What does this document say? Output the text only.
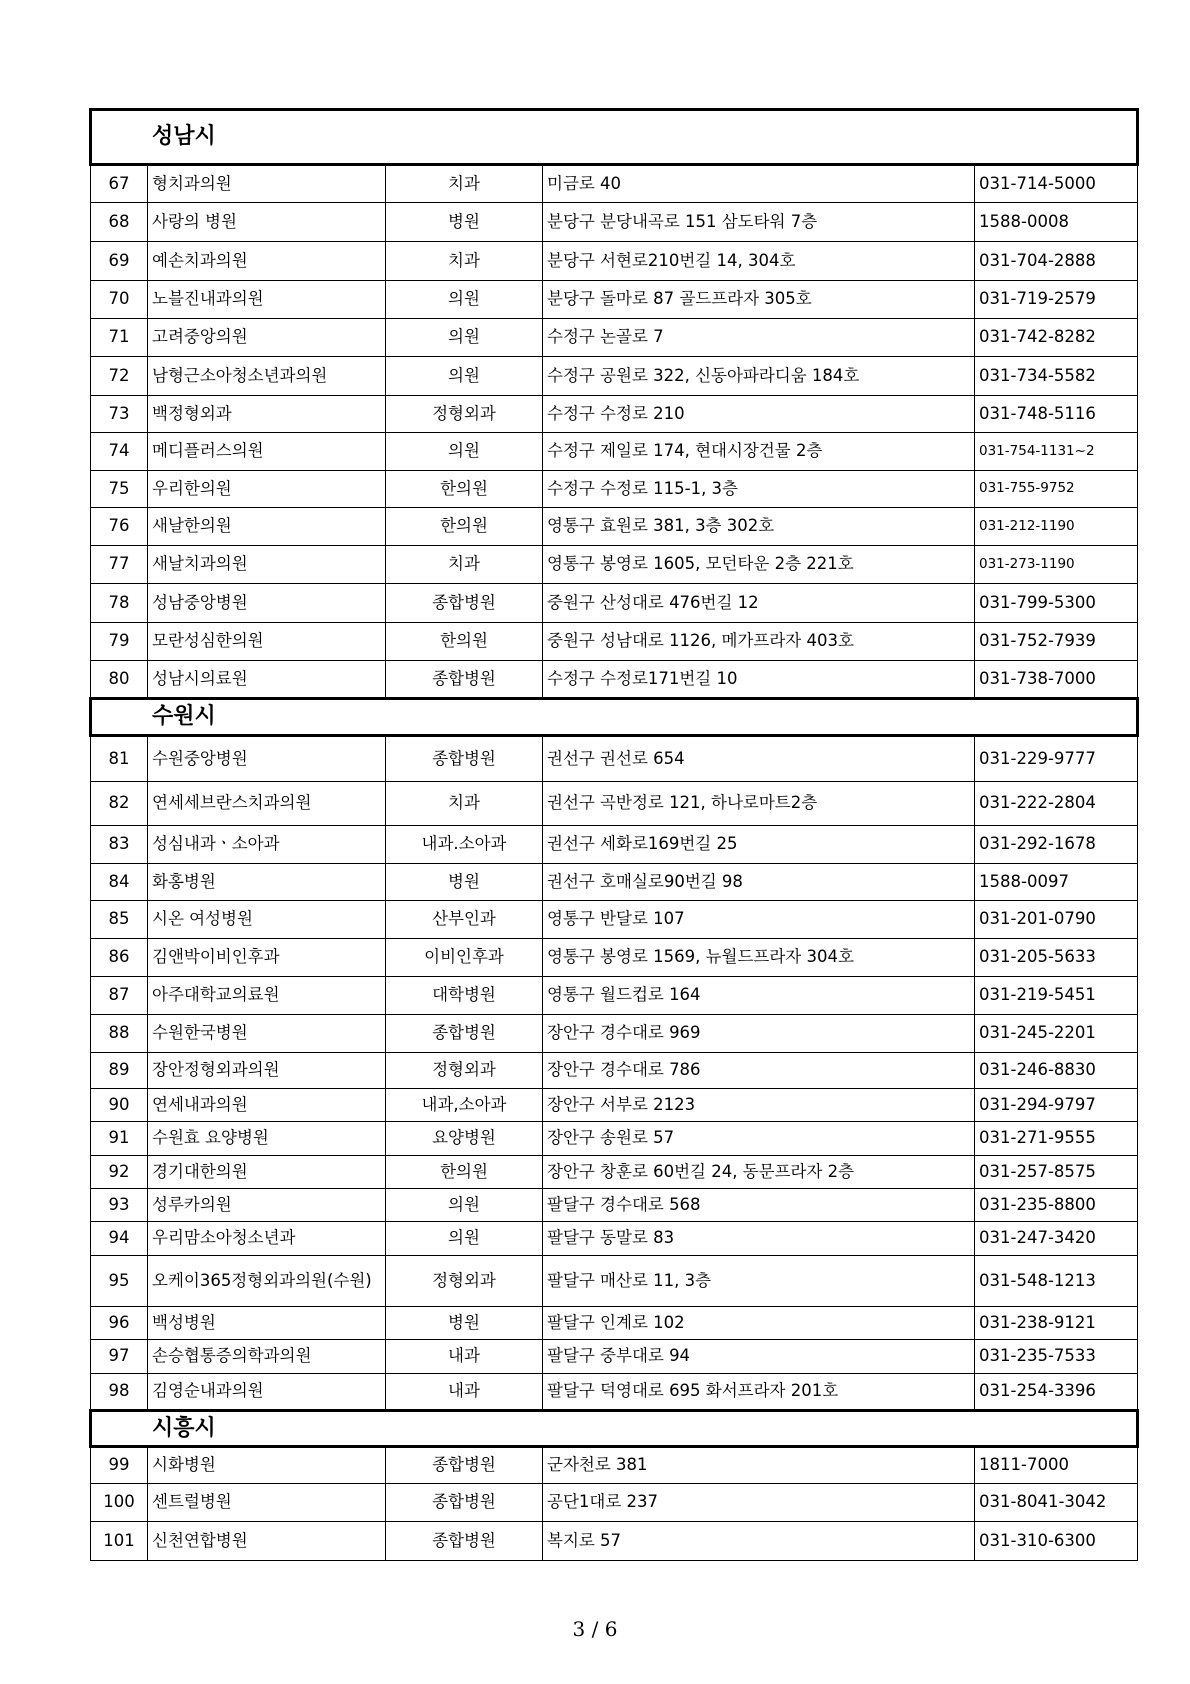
성남시				
67	형치과의원	치과	미금로 40	031-714-5000
68	사랑의 병원	병원	분당구 분당내곡로 151 삼도타워 7층	1588-0008
69	예손치과의원	치과	분당구 서현로210번길 14, 304호	031-704-2888
70	노블진내과의원	의원	분당구 돌마로 87 골드프라자 305호	031-719-2579
71	고려중앙의원	의원	수정구 논골로 7	031-742-8282
72	남형근소아청소년과의원	의원	수정구 공원로 322, 신동아파라디움 184호	031-734-5582
73	백정형외과	정형외과	수정구 수정로 210	031-748-5116
74	메디플러스의원	의원	수정구 제일로 174, 현대시장건물 2층	031-754-1131~2
75	우리한의원	한의원	수정구 수정로 115-1, 3층	031-755-9752
76	새날한의원	한의원	영통구 효원로 381, 3층 302호	031-212-1190
77	새날치과의원	치과	영통구 봉영로 1605, 모던타운 2층 221호	031-273-1190
78	성남중앙병원	종합병원	중원구 산성대로 476번길 12	031-799-5300
79	모란성심한의원	한의원	중원구 성남대로 1126, 메가프라자 403호	031-752-7939
80	성남시의료원	종합병원	수정구 수정로171번길 10	031-738-7000
수원시				
81	수원중앙병원	종합병원	권선구 권선로 654	031-229-9777
82	연세세브란스치과의원	치과	권선구 곡반정로 121, 하나로마트2층	031-222-2804
83	성심내과ㆍ소아과	내과.소아과	권선구 세화로169번길 25	031-292-1678
84	화홍병원	병원	권선구 호매실로90번길 98	1588-0097
85	시온 여성병원	산부인과	영통구 반달로 107	031-201-0790
86	김앤박이비인후과	이비인후과	영통구 봉영로 1569, 뉴월드프라자 304호	031-205-5633
87	아주대학교의료원	대학병원	영통구 월드컵로 164	031-219-5451
88	수원한국병원	종합병원	장안구 경수대로 969	031-245-2201
89	장안정형외과의원	정형외과	장안구 경수대로 786	031-246-8830
90	연세내과의원	내과,소아과	장안구 서부로 2123	031-294-9797
91	수원효 요양병원	요양병원	장안구 송원로 57	031-271-9555
92	경기대한의원	한의원	장안구 창훈로 60번길 24, 동문프라자 2층	031-257-8575
93	성루카의원	의원	팔달구 경수대로 568	031-235-8800
94	우리맘소아청소년과	의원	팔달구 동말로 83	031-247-3420
95	오케이365정형외과의원(수원)	정형외과	팔달구 매산로 11, 3층	031-548-1213
96	백성병원	병원	팔달구 인계로 102	031-238-9121
97	손승협통증의학과의원	내과	팔달구 중부대로 94	031-235-7533
98	김영순내과의원	내과	팔달구 덕영대로 695 화서프라자 201호	031-254-3396
시흥시				
99	시화병원	종합병원	군자천로 381	1811-7000
100	센트럴병원	종합병원	공단1대로 237	031-8041-3042
101	신천연합병원	종합병원	복지로 57	031-310-6300
3 / 6
